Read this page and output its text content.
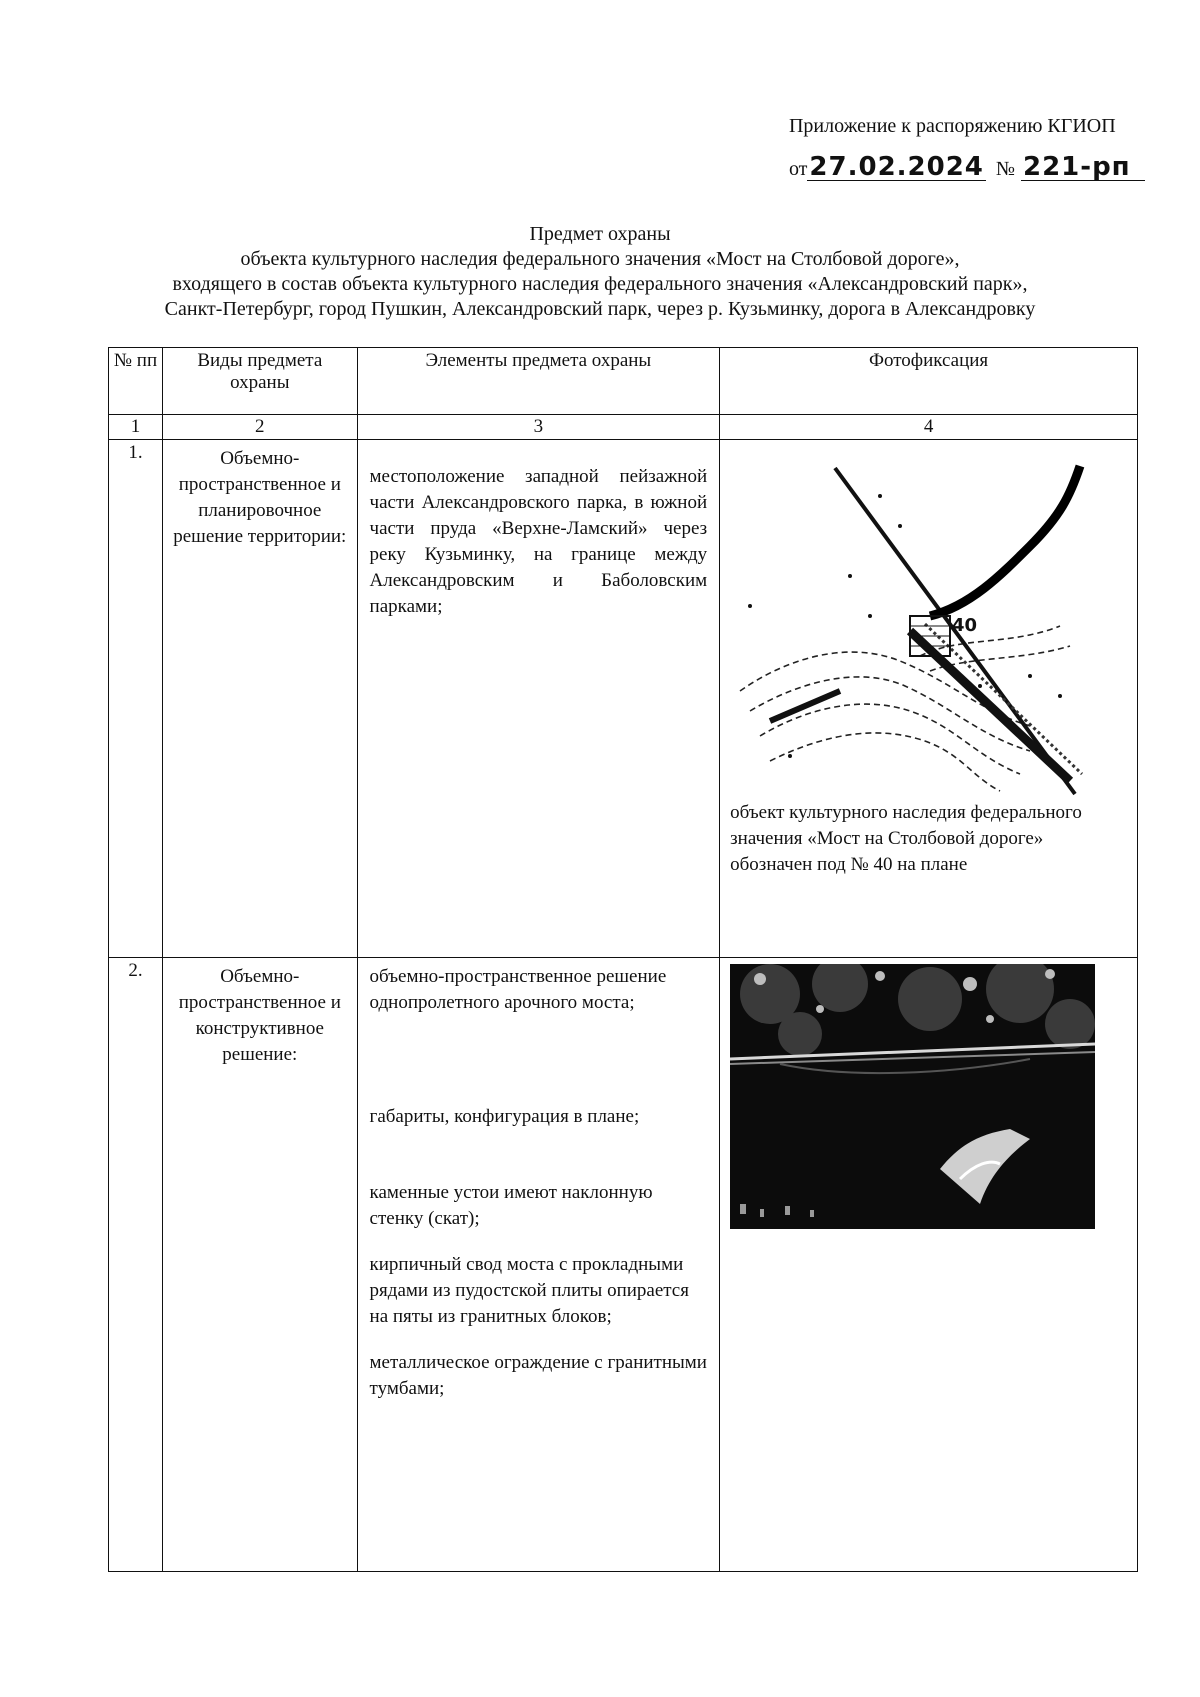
Приложение к распоряжению КГИОП
от 27.02.2024 № 221-рп
Предмет охраны
объекта культурного наследия федерального значения «Мост на Столбовой дороге»,
входящего в состав объекта культурного наследия федерального значения «Александровский парк»,
Санкт-Петербург, город Пушкин, Александровский парк, через р. Кузьминку, дорога в Александровку
№ пп	Виды предмета охраны	Элементы предмета охраны	Фотофиксация
1	2	3	4
1.	Объемно-пространственное и планировочное решение территории:	местоположение западной пейзажной части Александровского парка, в южной части пруда «Верхне-Ламский» через реку Кузьминку, на границе между Александровским и Баболовским парками;	40
объект культурного наследия федерального значения «Мост на Столбовой дороге» обозначен под № 40 на плане

2.	Объемно-пространственное и конструктивное решение:	объемно-пространственное решение однопролетного арочного моста;
габариты, конфигурация в плане;
каменные устои имеют наклонную стенку (скат);
кирпичный свод моста с прокладными рядами из пудостской плиты опирается на пяты из гранитных блоков;
металлическое ограждение с гранитными тумбами;
